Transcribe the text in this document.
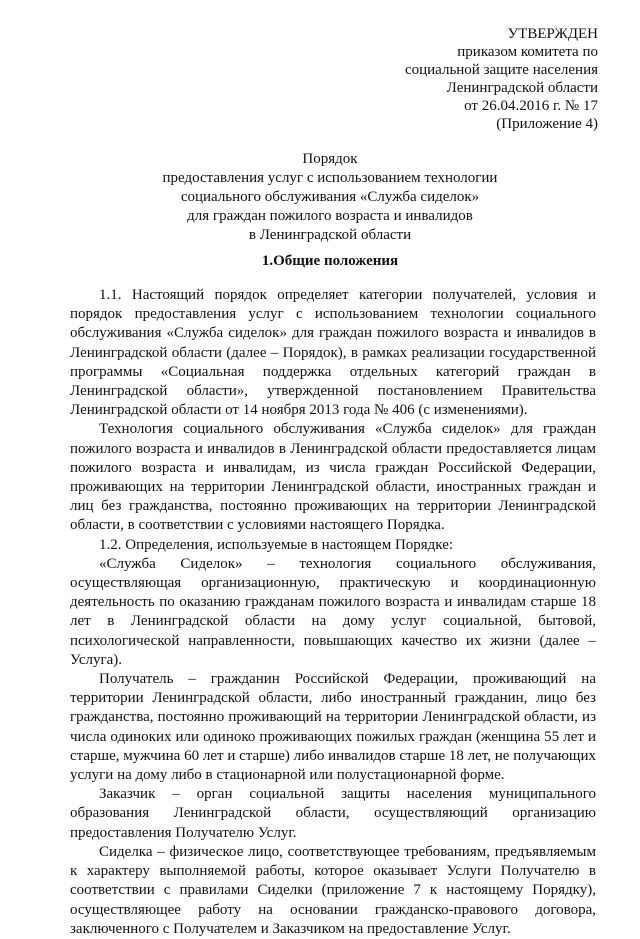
УТВЕРЖДЕН
приказом комитета по
социальной защите населения
Ленинградской области
от 26.04.2016 г. № 17
(Приложение 4)
Порядок
предоставления услуг с использованием технологии
социального обслуживания «Служба сиделок»
для граждан пожилого возраста и инвалидов
в Ленинградской области
1.Общие положения

1.1. Настоящий порядок определяет категории получателей, условия и порядок предоставления услуг с использованием технологии социального обслуживания «Служба сиделок» для граждан пожилого возраста и инвалидов в Ленинградской области (далее – Порядок), в рамках реализации государственной программы «Социальная поддержка отдельных категорий граждан в Ленинградской области», утвержденной постановлением Правительства Ленинградской области от 14 ноября 2013 года № 406 (с изменениями).

Технология социального обслуживания «Служба сиделок» для граждан пожилого возраста и инвалидов в Ленинградской области предоставляется лицам пожилого возраста и инвалидам, из числа граждан Российской Федерации, проживающих на территории Ленинградской области, иностранных граждан и лиц без гражданства, постоянно проживающих на территории Ленинградской области, в соответствии с условиями настоящего Порядка.

1.2. Определения, используемые в настоящем Порядке:

«Служба Сиделок» – технология социального обслуживания, осуществляющая организационную, практическую и координационную деятельность по оказанию гражданам пожилого возраста и инвалидам старше 18 лет в Ленинградской области на дому услуг социальной, бытовой, психологической направленности, повышающих качество их жизни (далее – Услуга).

Получатель – гражданин Российской Федерации, проживающий на территории Ленинградской области, либо иностранный гражданин, лицо без гражданства, постоянно проживающий на территории Ленинградской области, из числа одиноких или одиноко проживающих пожилых граждан (женщина 55 лет и старше, мужчина 60 лет и старше) либо инвалидов старше 18 лет, не получающих услуги на дому либо в стационарной или полустационарной форме.

Заказчик – орган социальной защиты населения муниципального образования Ленинградской области, осуществляющий организацию предоставления Получателю Услуг.

Сиделка – физическое лицо, соответствующее требованиям, предъявляемым к характеру выполняемой работы, которое оказывает Услуги Получателю в соответствии с правилами Сиделки (приложение 7 к настоящему Порядку), осуществляющее работу на основании гражданско-правового договора, заключенного с Получателем и Заказчиком на предоставление Услуг.
